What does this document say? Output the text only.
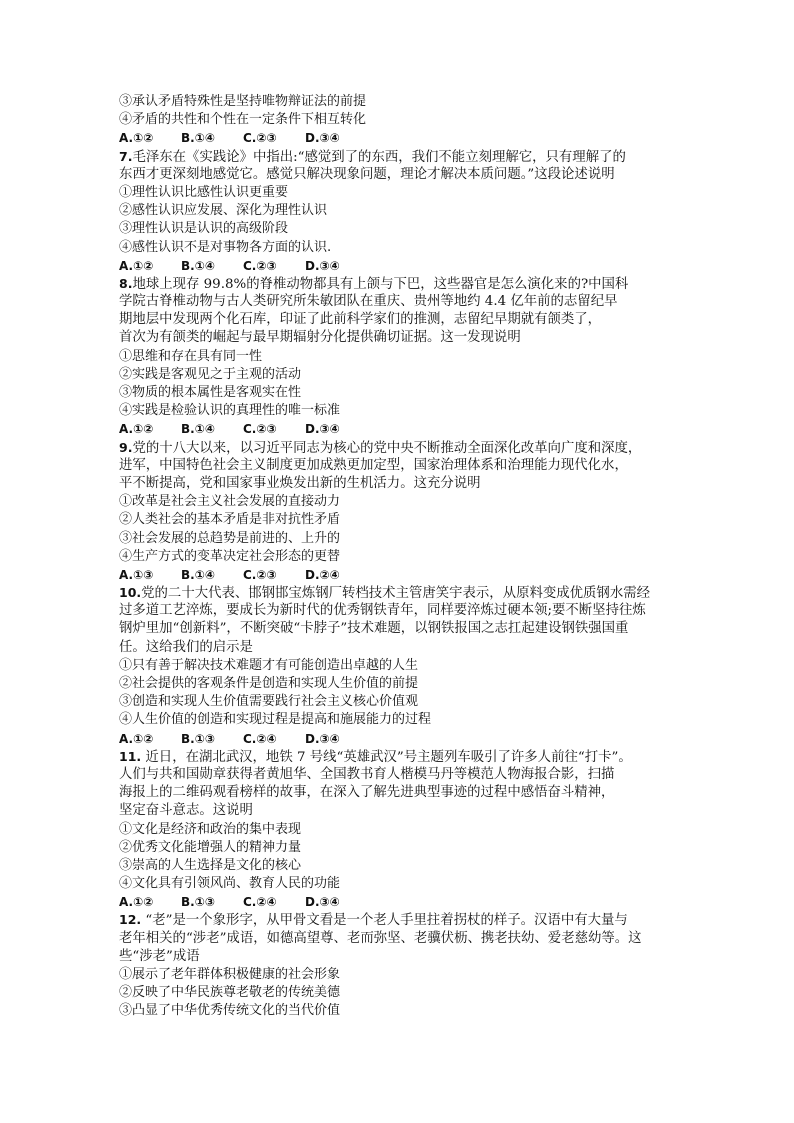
③承认矛盾特殊性是坚持唯物辩证法的前提
④矛盾的共性和个性在一定条件下相互转化
A.①②	B.①④	C.②③	D.③④
7.毛泽东在《实践论》中指出:“感觉到了的东西，我们不能立刻理解它，只有理解了的
东西才更深刻地感觉它。感觉只解决现象问题，理论才解决本质问题。”这段论述说明
①理性认识比感性认识更重要
②感性认识应发展、深化为理性认识
③理性认识是认识的高级阶段
④感性认识不是对事物各方面的认识.
A.①②	B.①④	C.②③	D.③④
8.地球上现存 99.8%的脊椎动物都具有上颌与下巴，这些器官是怎么演化来的?中国科
学院古脊椎动物与古人类研究所朱敏团队在重庆、贵州等地约 4.4 亿年前的志留纪早
期地层中发现两个化石库，印证了此前科学家们的推测，志留纪早期就有颌类了，
首次为有颌类的崛起与最早期辐射分化提供确切证据。这一发现说明
①思维和存在具有同一性
②实践是客观见之于主观的活动
③物质的根本属性是客观实在性
④实践是检验认识的真理性的唯一标准
A.①②	B.①④	C.②③	D.③④
9.党的十八大以来，以习近平同志为核心的党中央不断推动全面深化改革向广度和深度，
进军，中国特色社会主义制度更加成熟更加定型，国家治理体系和治理能力现代化水，
平不断提高，党和国家事业焕发出新的生机活力。这充分说明
①改革是社会主义社会发展的直接动力
②人类社会的基本矛盾是非对抗性矛盾
③社会发展的总趋势是前进的、上升的
④生产方式的变革决定社会形态的更替
A.①③	B.①④	C.②③	D.②④
10.党的二十大代表、邯钢邯宝炼钢厂转档技术主管唐笑宇表示，从原料变成优质钢水需经
过多道工艺淬炼，要成长为新时代的优秀钢铁青年，同样要淬炼过硬本领;要不断坚持往炼
钢炉里加“创新料”，不断突破“卡脖子”技术难题，以钢铁报国之志扛起建设钢铁强国重
任。这给我们的启示是
①只有善于解决技术难题才有可能创造出卓越的人生
②社会提供的客观条件是创造和实现人生价值的前提
③创造和实现人生价值需要践行社会主义核心价值观
④人生价值的创造和实现过程是提高和施展能力的过程
A.①②	B.①③	C.②④	D.③④
11. 近日，在湖北武汉，地铁 7 号线“英雄武汉”号主题列车吸引了许多人前往“打卡”。
人们与共和国勋章获得者黄旭华、全国教书育人楷模马丹等模范人物海报合影，扫描
海报上的二维码观看榜样的故事，在深入了解先进典型事迹的过程中感悟奋斗精神，
坚定奋斗意志。这说明
①文化是经济和政治的集中表现
②优秀文化能增强人的精神力量
③崇高的人生选择是文化的核心
④文化具有引领风尚、教育人民的功能
A.①②	B.①③	C.②④	D.③④
12. “老”是一个象形字，从甲骨文看是一个老人手里拄着拐杖的样子。汉语中有大量与
老年相关的“涉老”成语，如德高望尊、老而弥坚、老骥伏枥、携老扶幼、爱老慈幼等。这
些“涉老”成语
①展示了老年群体积极健康的社会形象
②反映了中华民族尊老敬老的传统美德
③凸显了中华优秀传统文化的当代价值
